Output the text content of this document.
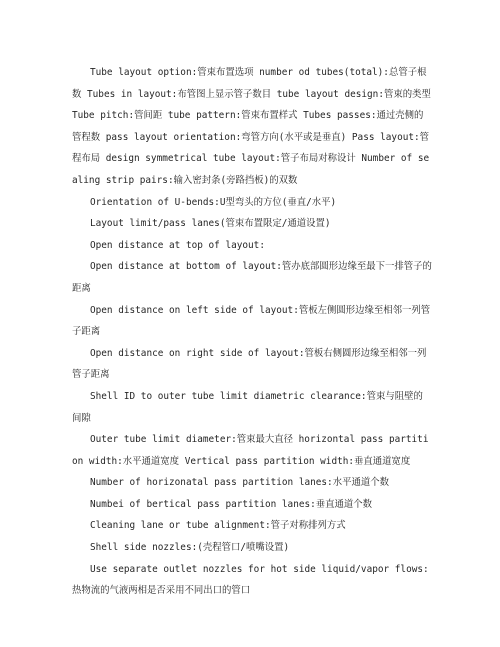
Tube layout option:管束布置选项 number od tubes(total):总管子根数 Tubes in layout:布管图上显示管子数目 tube layout design:管束的类型 Tube pitch:管间距 tube pattern:管束布置样式 Tubes passes:通过壳侧的管程数 pass layout orientation:弯管方向(水平或是垂直) Pass layout:管程布局 design symmetrical tube layout:管子布局对称设计 Number of sealing strip pairs:输入密封条(旁路挡板)的双数

Orientation of U-bends:U型弯头的方位(垂直/水平)

Layout limit/pass lanes(管束布置限定/通道设置)

Open distance at top of layout:

Open distance at bottom of layout:管办底部圆形边缘至最下一排管子的距离

Open distance on left side of layout:管板左侧圆形边缘至相邻一列管子距离

Open distance on right side of layout:管板右侧圆形边缘至相邻一列管子距离

Shell ID to outer tube limit diametric clearance:管束与阻壁的间隙

Outer tube limit diameter:管束最大直径 horizontal pass partition width:水平通道宽度 Vertical pass partition width:垂直通道宽度

Number of horizonatal pass partition lanes:水平通道个数

Numbei of bertical pass partition lanes:垂直通道个数

Cleaning lane or tube alignment:管子对称排列方式

Shell side nozzles:(壳程管口/喷嘴设置)

Use separate outlet nozzles for hot side liquid/vapor flows:热物流的气液两相是否采用不同出口的管口
